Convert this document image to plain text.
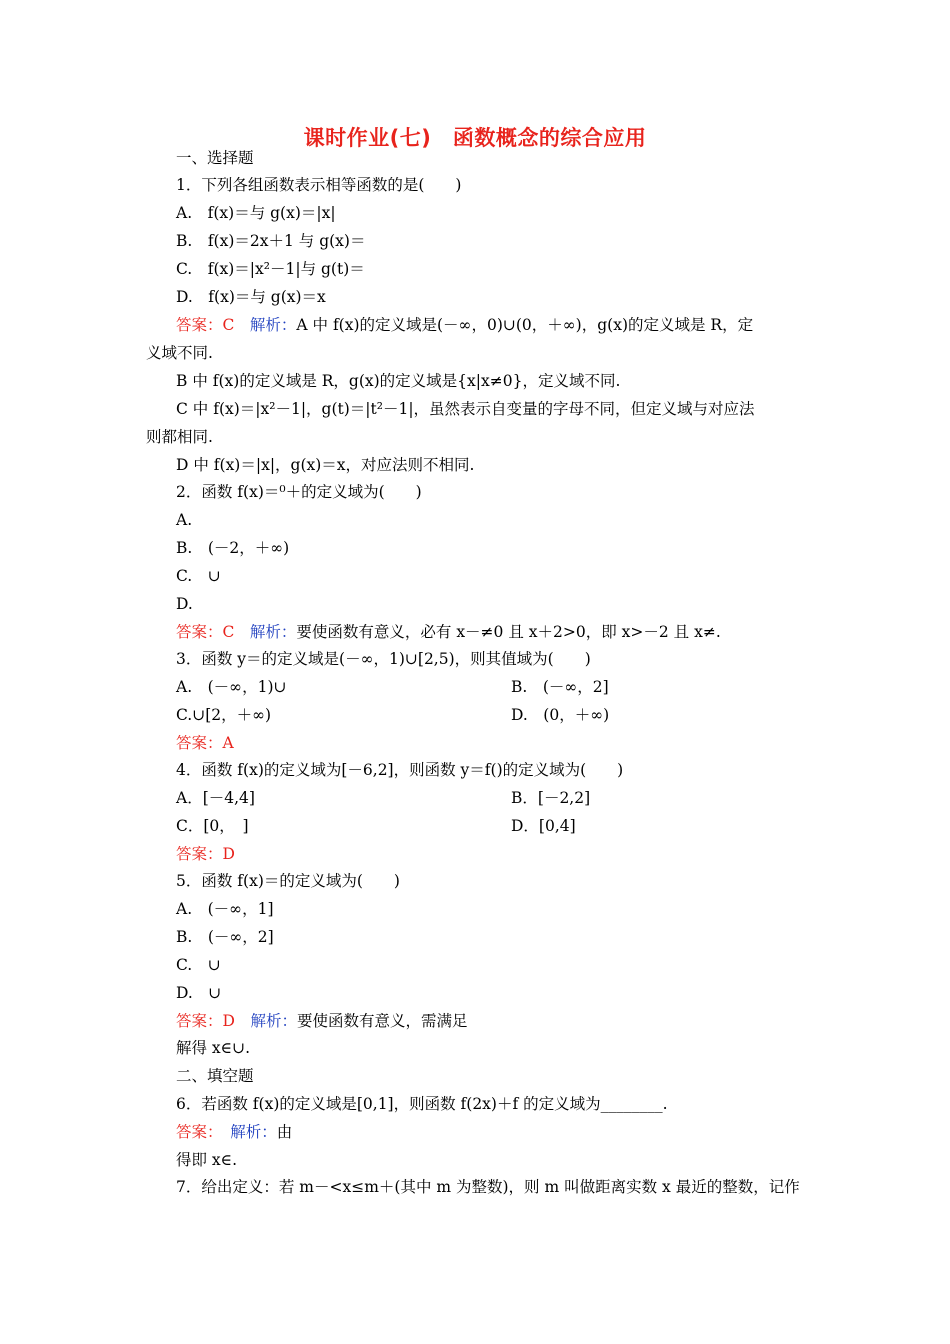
课时作业(七)　函数概念的综合应用
一、选择题
1．下列各组函数表示相等函数的是(　　)
A.　f(x)＝与 g(x)＝|x|
B.　f(x)＝2x＋1 与 g(x)＝
C.　f(x)＝|x²－1|与 g(t)＝
D.　f(x)＝与 g(x)＝x
答案：C　解析：A 中 f(x)的定义域是(－∞，0)∪(0，＋∞)，g(x)的定义域是 R，定
义域不同.
B 中 f(x)的定义域是 R，g(x)的定义域是{x|x≠0}，定义域不同.
C 中 f(x)＝|x²－1|，g(t)＝|t²－1|，虽然表示自变量的字母不同，但定义域与对应法
则都相同.
D 中 f(x)＝|x|，g(x)＝x，对应法则不相同.
2．函数 f(x)＝⁰＋的定义域为(　　)
A.
B.　(－2，＋∞)
C.　∪
D.
答案：C　解析：要使函数有意义，必有 x－≠0 且 x＋2>0，即 x>－2 且 x≠.
3．函数 y＝的定义域是(－∞，1)∪[2,5)，则其值域为(　　)
A.　(－∞，1)∪	B.　(－∞，2]
C.∪[2，＋∞)	D.　(0，＋∞)
答案：A
4．函数 f(x)的定义域为[－6,2]，则函数 y＝f()的定义域为(　　)
A．[－4,4]	B．[－2,2]
C．[0，　]	D．[0,4]
答案：D
5．函数 f(x)＝的定义域为(　　)
A.　(－∞，1]
B.　(－∞，2]
C.　∪
D.　∪
答案：D　解析：要使函数有意义，需满足
解得 x∈∪.
二、填空题
6．若函数 f(x)的定义域是[0,1]，则函数 f(2x)＋f 的定义域为________.
答案：　解析：由
得即 x∈.
7．给出定义：若 m－<x≤m＋(其中 m 为整数)，则 m 叫做距离实数 x 最近的整数，记作
